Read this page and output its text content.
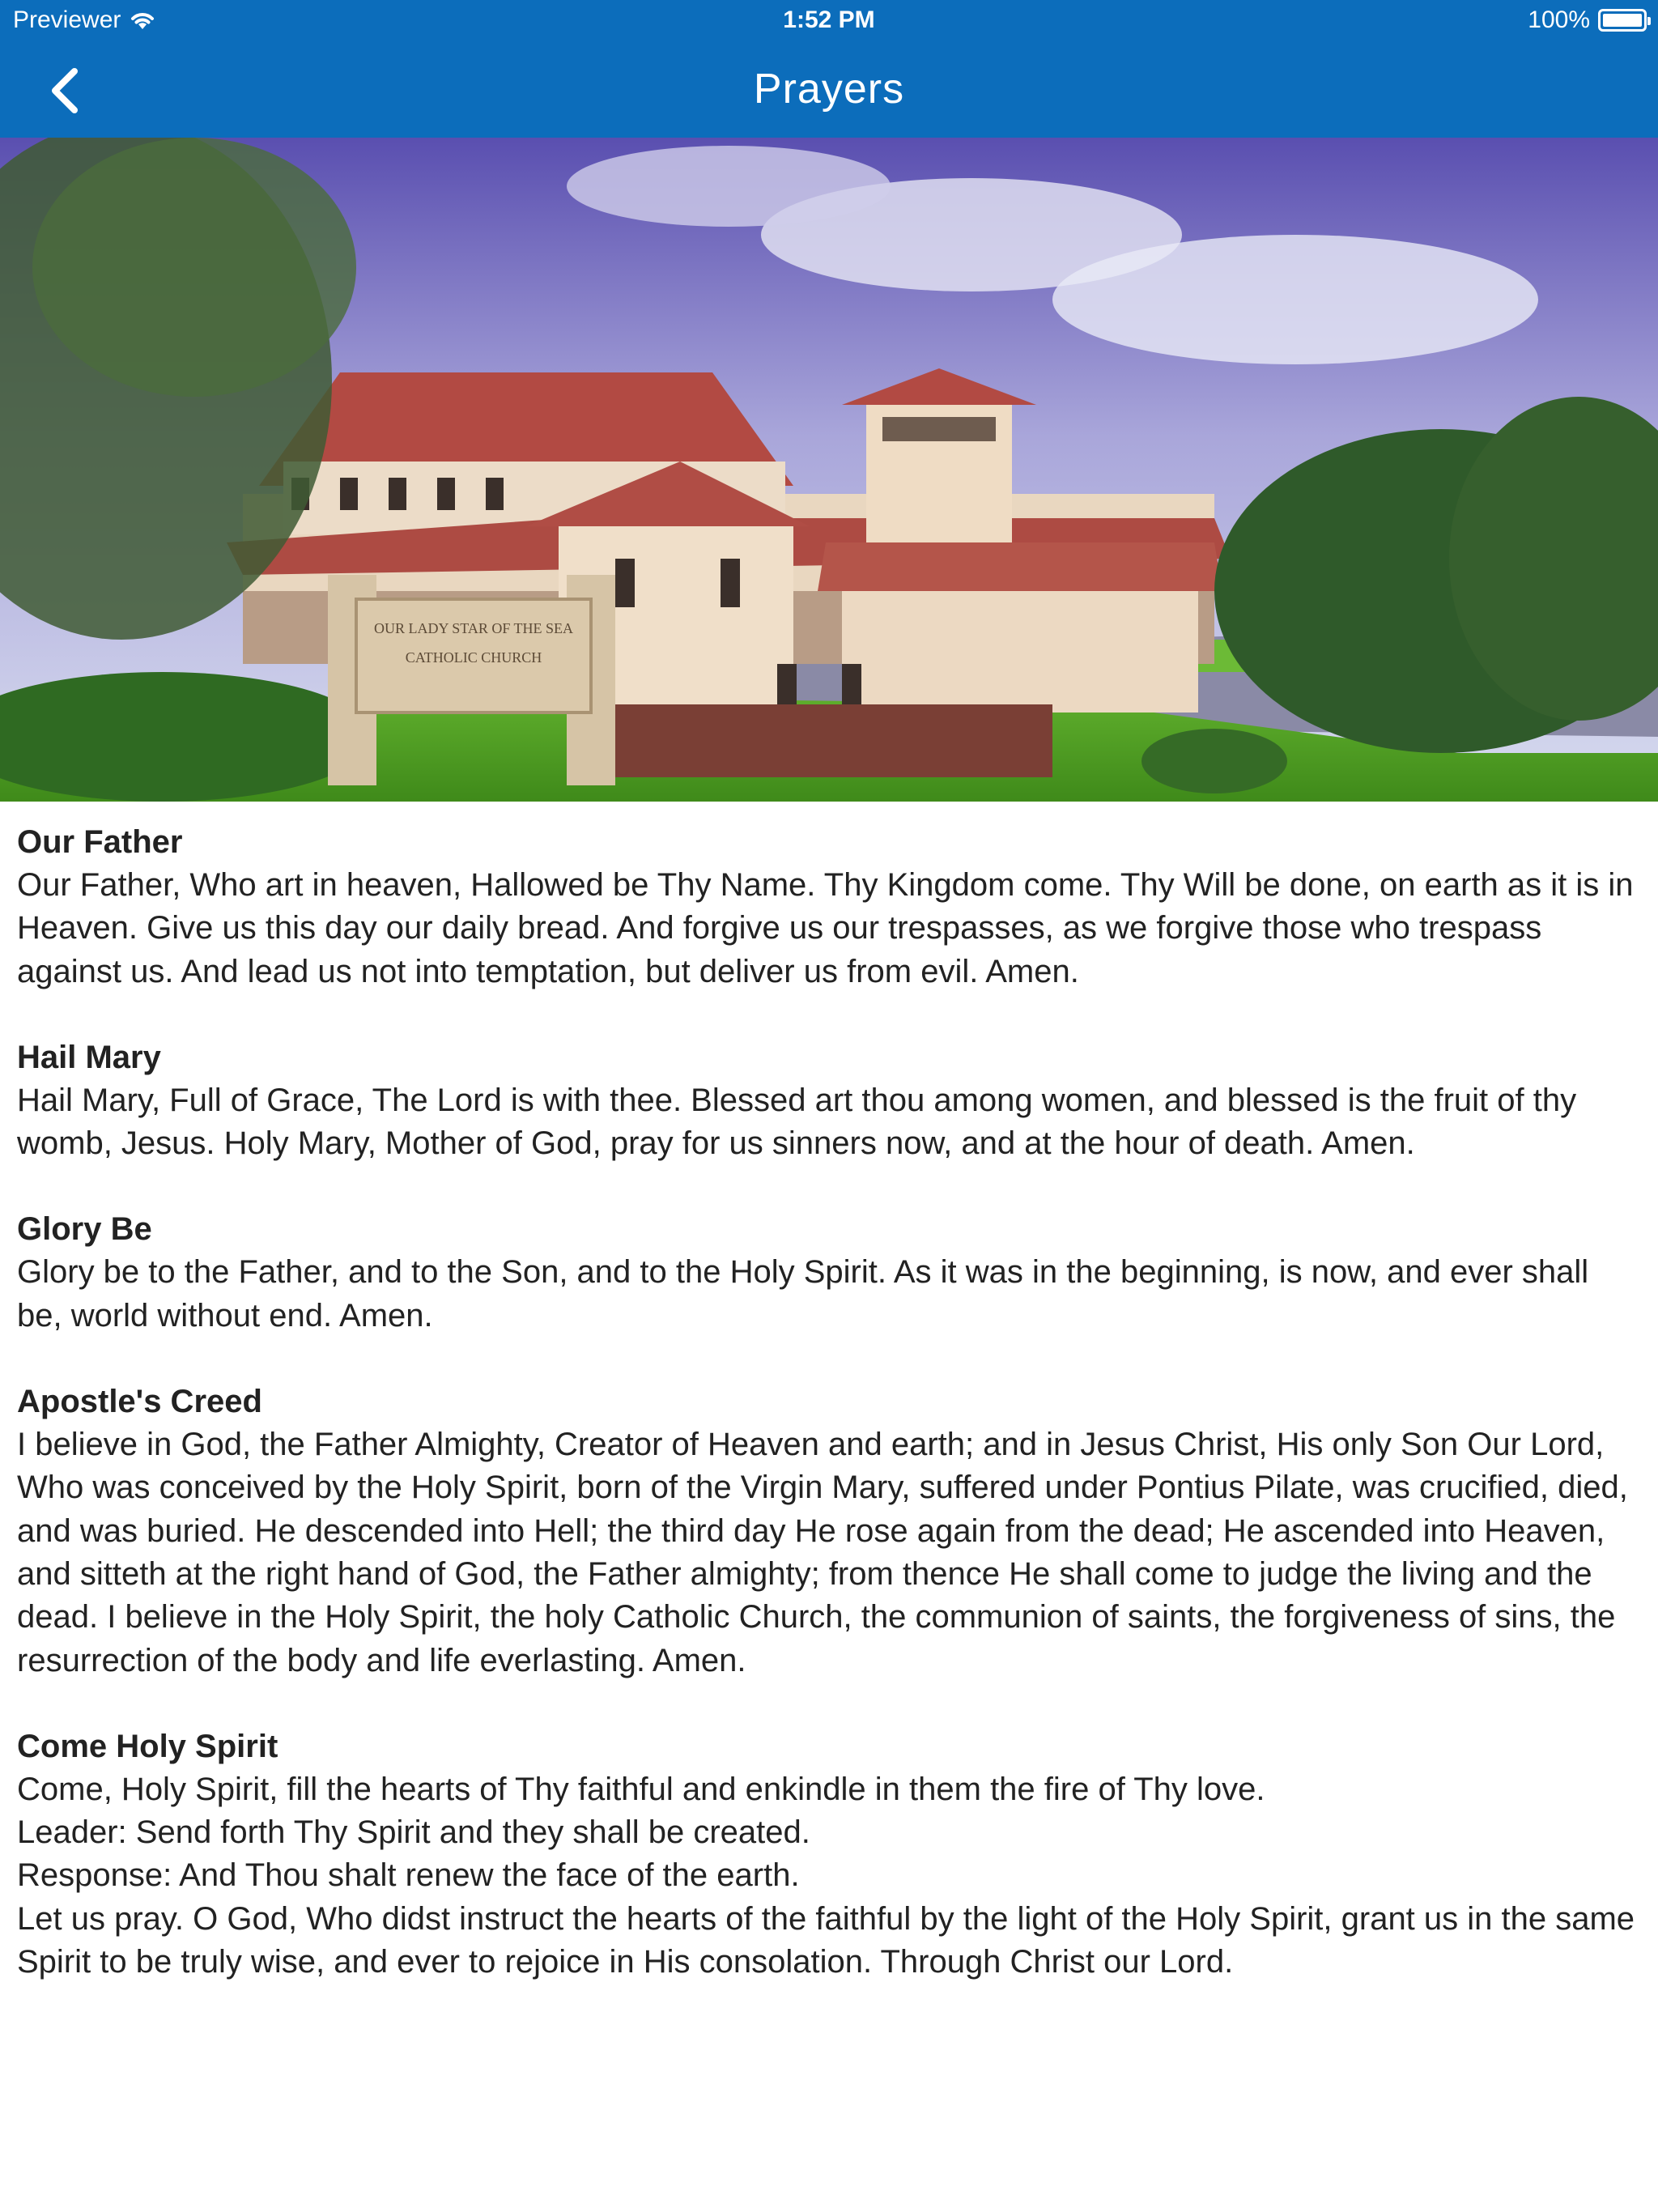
Previewer	1:52 PM	100%
Prayers
OUR LADY STAR OF THE SEA
CATHOLIC CHURCH
Our Father
Our Father, Who art in heaven, Hallowed be Thy Name. Thy Kingdom come. Thy Will be done, on earth as it is in Heaven. Give us this day our daily bread. And forgive us our trespasses, as we forgive those who trespass against us. And lead us not into temptation, but deliver us from evil. Amen.
Hail Mary
Hail Mary, Full of Grace, The Lord is with thee. Blessed art thou among women, and blessed is the fruit of thy womb, Jesus. Holy Mary, Mother of God, pray for us sinners now, and at the hour of death. Amen.
Glory Be
Glory be to the Father, and to the Son, and to the Holy Spirit. As it was in the beginning, is now, and ever shall be, world without end. Amen.
Apostle's Creed
I believe in God, the Father Almighty, Creator of Heaven and earth; and in Jesus Christ, His only Son Our Lord, Who was conceived by the Holy Spirit, born of the Virgin Mary, suffered under Pontius Pilate, was crucified, died, and was buried. He descended into Hell; the third day He rose again from the dead; He ascended into Heaven, and sitteth at the right hand of God, the Father almighty; from thence He shall come to judge the living and the dead. I believe in the Holy Spirit, the holy Catholic Church, the communion of saints, the forgiveness of sins, the resurrection of the body and life everlasting. Amen.
Come Holy Spirit
Come, Holy Spirit, fill the hearts of Thy faithful and enkindle in them the fire of Thy love.
Leader: Send forth Thy Spirit and they shall be created.
Response: And Thou shalt renew the face of the earth.
Let us pray. O God, Who didst instruct the hearts of the faithful by the light of the Holy Spirit, grant us in the same Spirit to be truly wise, and ever to rejoice in His consolation. Through Christ our Lord.
